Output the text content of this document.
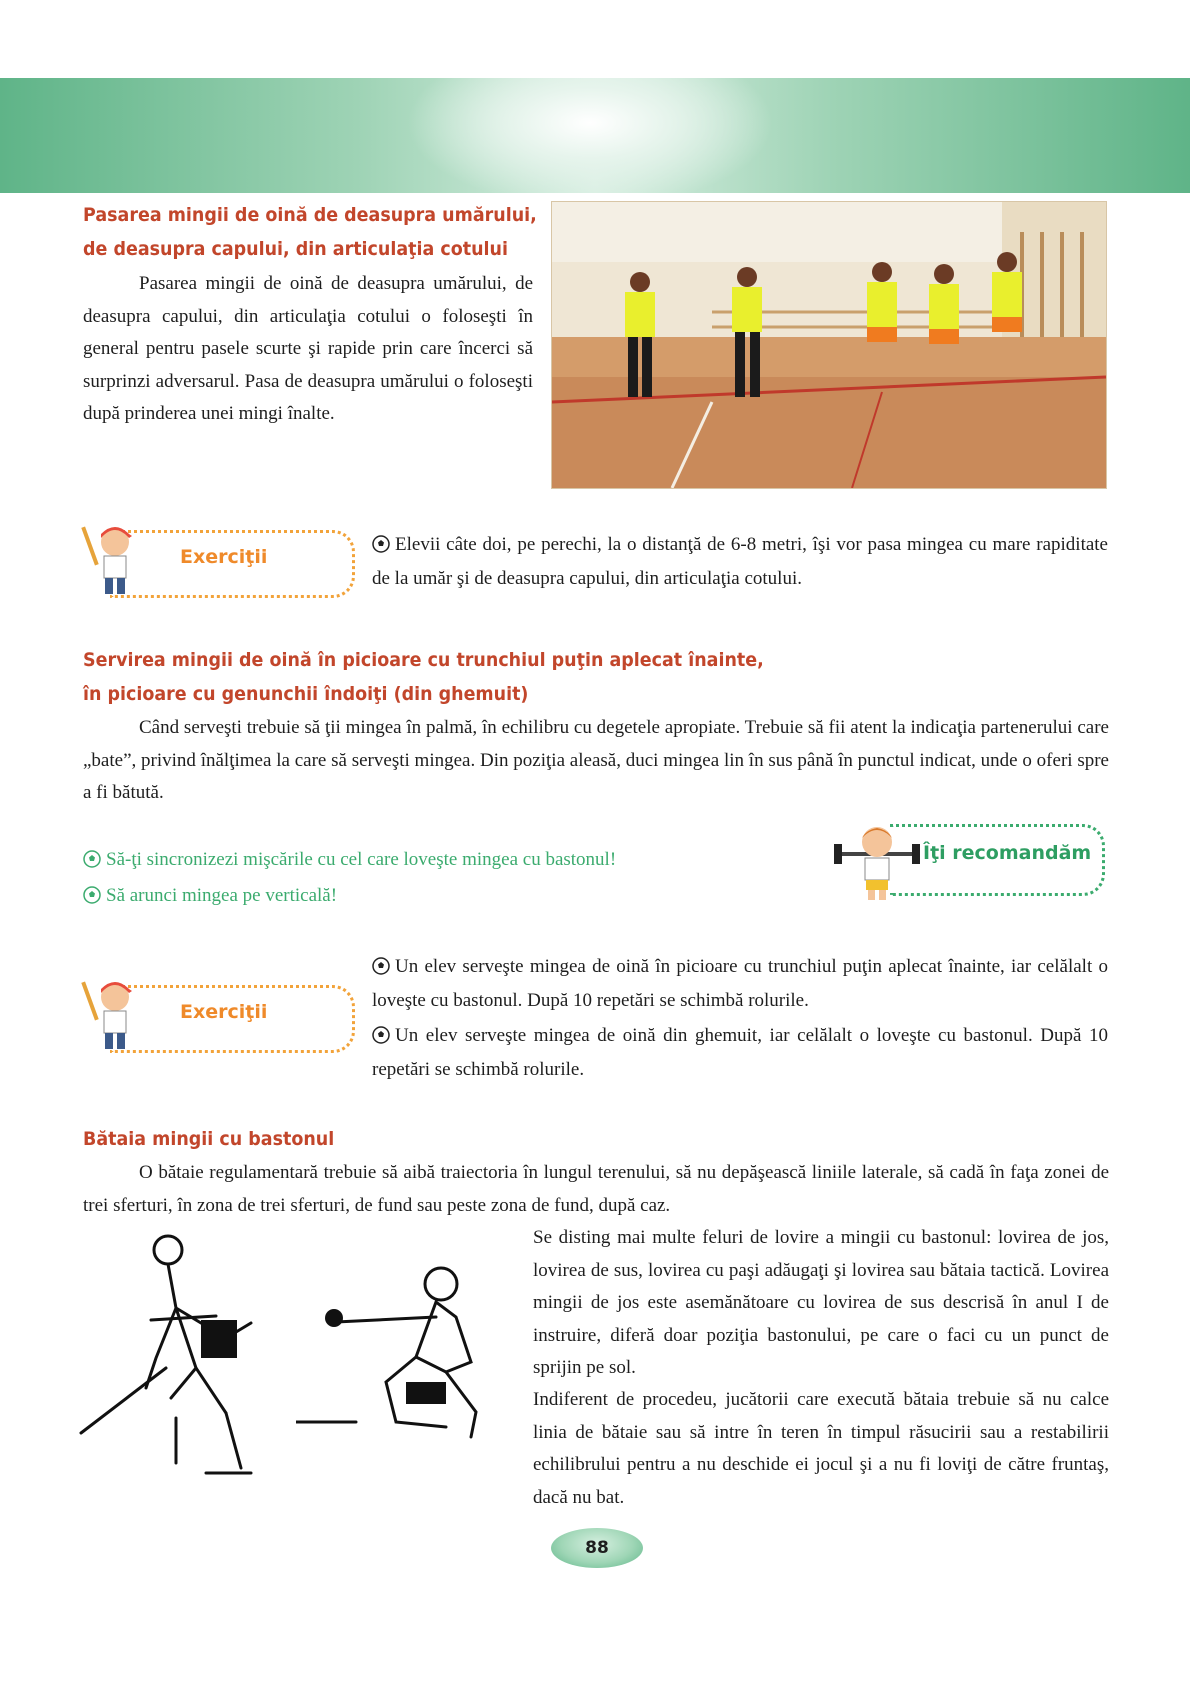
Pasarea mingii de oină de deasupra umărului,
de deasupra capului, din articulaţia cotului

Pasarea mingii de oină de deasupra umărului, de deasupra capului, din articulaţia cotului o foloseşti în general pentru pasele scurte şi rapide prin care încerci să surprinzi adversarul. Pasa de deasupra umărului o foloseşti după prinderea unei mingi înalte.

Exerciţii
Elevii câte doi, pe perechi, la o distanţă de 6-8 metri, îşi vor pasa mingea cu mare rapiditate de la umăr şi de deasupra capului, din articulaţia cotului.
Servirea mingii de oină în picioare cu trunchiul puţin aplecat înainte,
în picioare cu genunchii îndoiţi (din ghemuit)

Când serveşti trebuie să ţii mingea în palmă, în echilibru cu degetele apropiate. Trebuie să fii atent la indicaţia partenerului care „bate”, privind înălţimea la care să serveşti mingea. Din poziţia aleasă, duci mingea lin în sus până în punctul indicat, unde o oferi spre a fi bătută.

Să-ţi sincronizezi mişcările cu cel care loveşte mingea cu bastonul!

Să arunci mingea pe verticală!

Îţi recomandăm
Exerciţii
Un elev serveşte mingea de oină în picioare cu trunchiul puţin aplecat înainte, iar celălalt o loveşte cu bastonul. După 10 repetări se schimbă rolurile.
Un elev serveşte mingea de oină din ghemuit, iar celălalt o loveşte cu bastonul. După 10 repetări se schimbă rolurile.
Bătaia mingii cu bastonul

O bătaie regulamentară trebuie să aibă traiectoria în lungul terenului, să nu depăşească liniile laterale, să cadă în faţa zonei de trei sferturi, în zona de trei sferturi, de fund sau peste zona de fund, după caz.

Se disting mai multe feluri de lovire a mingii cu bastonul: lovirea de jos, lovirea de sus, lovirea cu paşi adăugaţi şi lovirea sau bătaia tactică. Lovirea mingii de jos este asemănătoare cu lovirea de sus descrisă în anul I de instruire, diferă doar poziţia bastonului, pe care o faci cu un punct de sprijin pe sol.

Indiferent de procedeu, jucătorii care execută bătaia trebuie să nu calce linia de bătaie sau să intre în teren în timpul răsucirii sau a restabilirii echilibrului pentru a nu deschide ei jocul şi a nu fi loviţi de către fruntaş, dacă nu bat.

88
